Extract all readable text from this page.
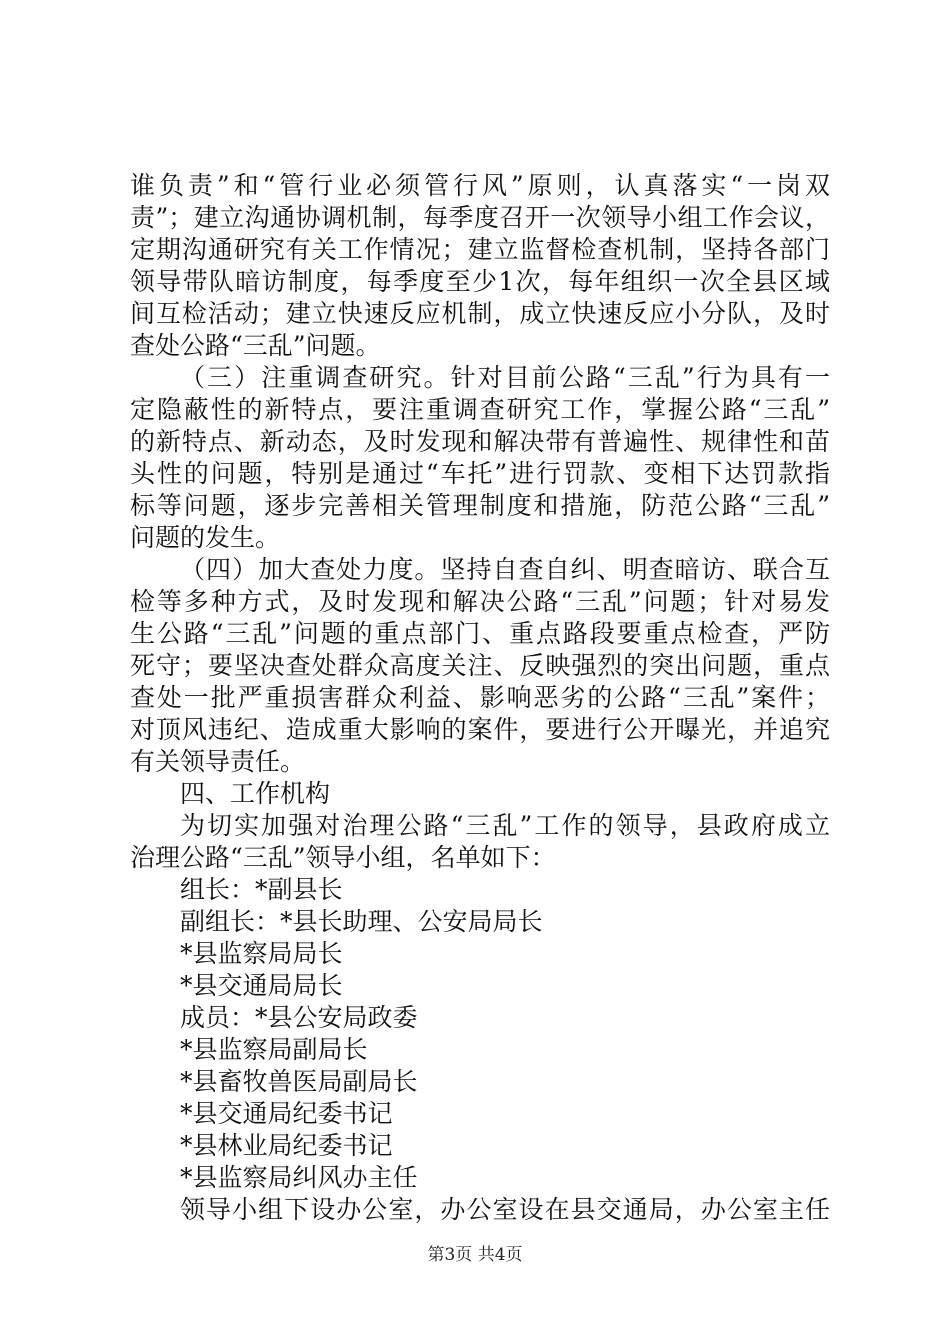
谁负责”和“管行业必须管行风”原则，认真落实“一岗双
责”；建立沟通协调机制，每季度召开一次领导小组工作会议，
定期沟通研究有关工作情况；建立监督检查机制，坚持各部门
领导带队暗访制度，每季度至少1次，每年组织一次全县区域
间互检活动；建立快速反应机制，成立快速反应小分队，及时
查处公路“三乱”问题。
（三）注重调查研究。针对目前公路“三乱”行为具有一
定隐蔽性的新特点，要注重调查研究工作，掌握公路“三乱”
的新特点、新动态，及时发现和解决带有普遍性、规律性和苗
头性的问题，特别是通过“车托”进行罚款、变相下达罚款指
标等问题，逐步完善相关管理制度和措施，防范公路“三乱”
问题的发生。
（四）加大查处力度。坚持自查自纠、明查暗访、联合互
检等多种方式，及时发现和解决公路“三乱”问题；针对易发
生公路“三乱”问题的重点部门、重点路段要重点检查，严防
死守；要坚决查处群众高度关注、反映强烈的突出问题，重点
查处一批严重损害群众利益、影响恶劣的公路“三乱”案件；
对顶风违纪、造成重大影响的案件，要进行公开曝光，并追究
有关领导责任。
四、工作机构
为切实加强对治理公路“三乱”工作的领导，县政府成立
治理公路“三乱”领导小组，名单如下：
组长：*副县长
副组长：*县长助理、公安局局长
*县监察局局长
*县交通局局长
成员：*县公安局政委
*县监察局副局长
*县畜牧兽医局副局长
*县交通局纪委书记
*县林业局纪委书记
*县监察局纠风办主任
领导小组下设办公室，办公室设在县交通局，办公室主任
第3页 共4页
